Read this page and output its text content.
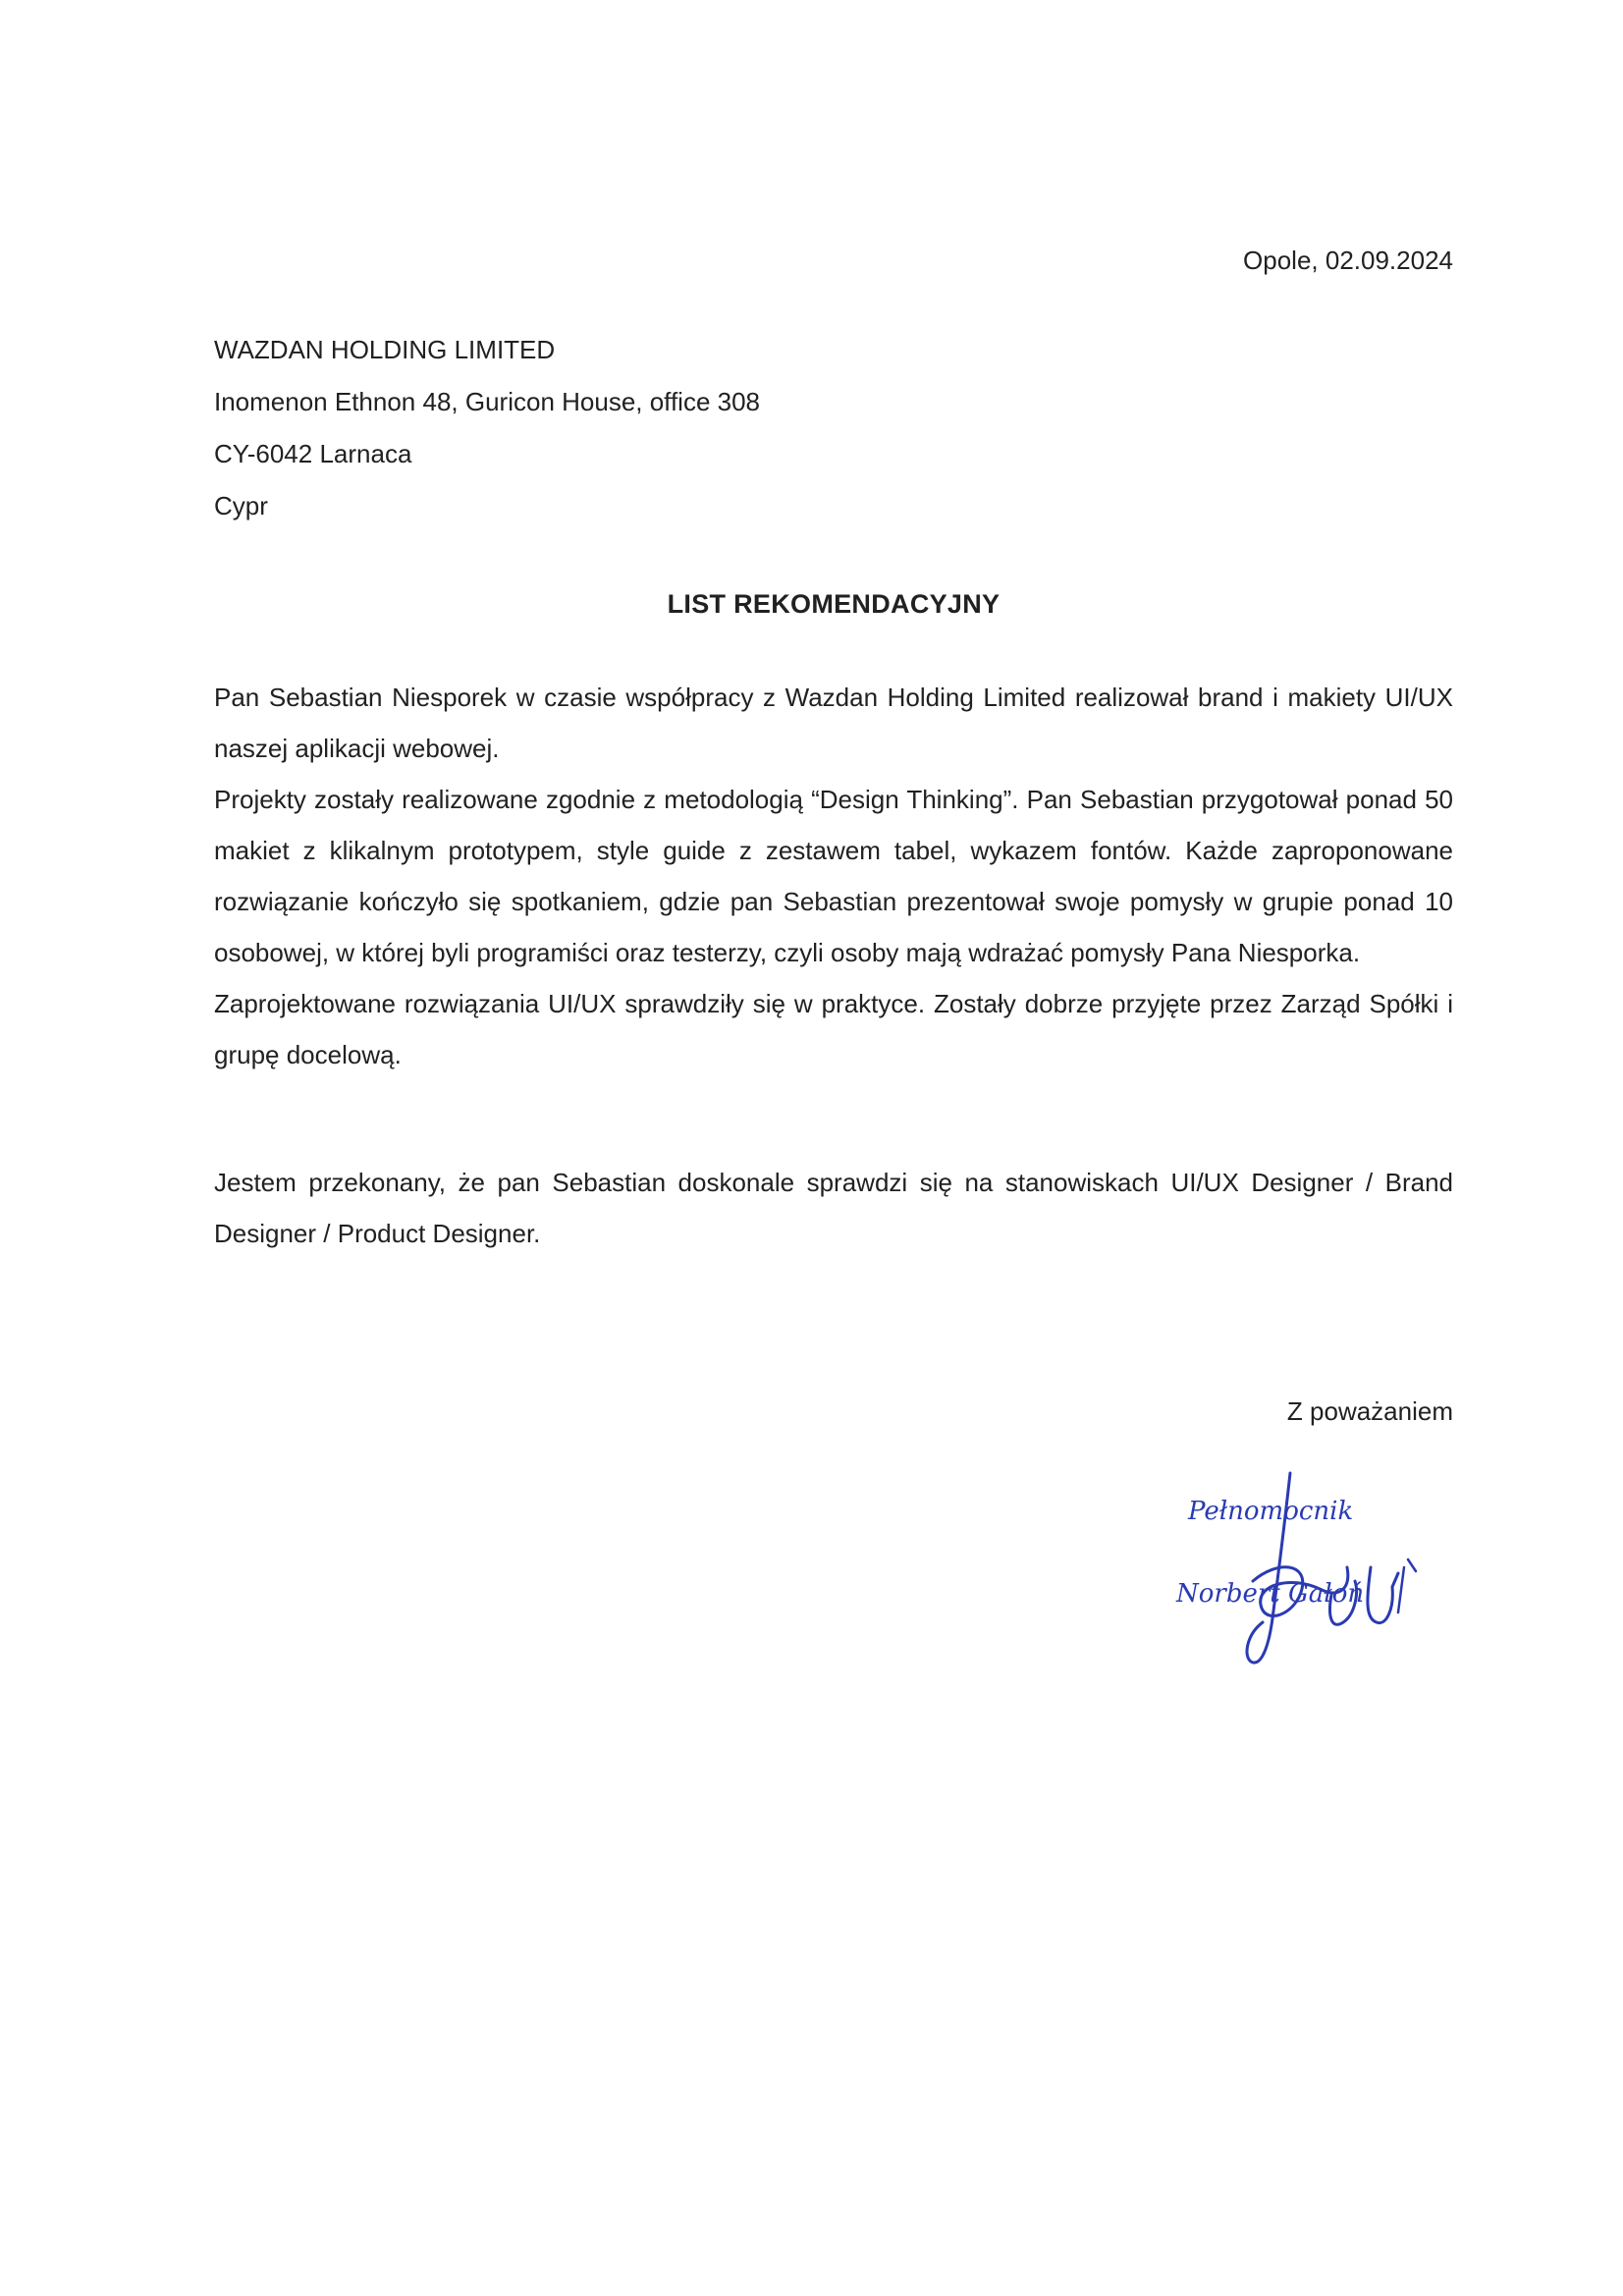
Opole, 02.09.2024
WAZDAN HOLDING LIMITED
Inomenon Ethnon 48, Guricon House, office 308
CY-6042 Larnaca
Cypr
LIST REKOMENDACYJNY

Pan Sebastian Niesporek w czasie współpracy z Wazdan Holding Limited realizował brand i makiety UI/UX naszej aplikacji webowej.

Projekty zostały realizowane zgodnie z metodologią “Design Thinking”. Pan Sebastian przygotował ponad 50 makiet z klikalnym prototypem, style guide z zestawem tabel, wykazem fontów. Każde zaproponowane rozwiązanie kończyło się spotkaniem, gdzie pan Sebastian prezentował swoje pomysły w grupie ponad 10 osobowej, w której byli programiści oraz testerzy, czyli osoby mają wdrażać pomysły Pana Niesporka.

Zaprojektowane rozwiązania UI/UX sprawdziły się w praktyce. Zostały dobrze przyjęte przez Zarząd Spółki i grupę docelową.

Jestem przekonany, że pan Sebastian doskonale sprawdzi się na stanowiskach UI/UX Designer / Brand Designer / Product Designer.

Z poważaniem
Pełnomocnik
Norbert Gałoń
